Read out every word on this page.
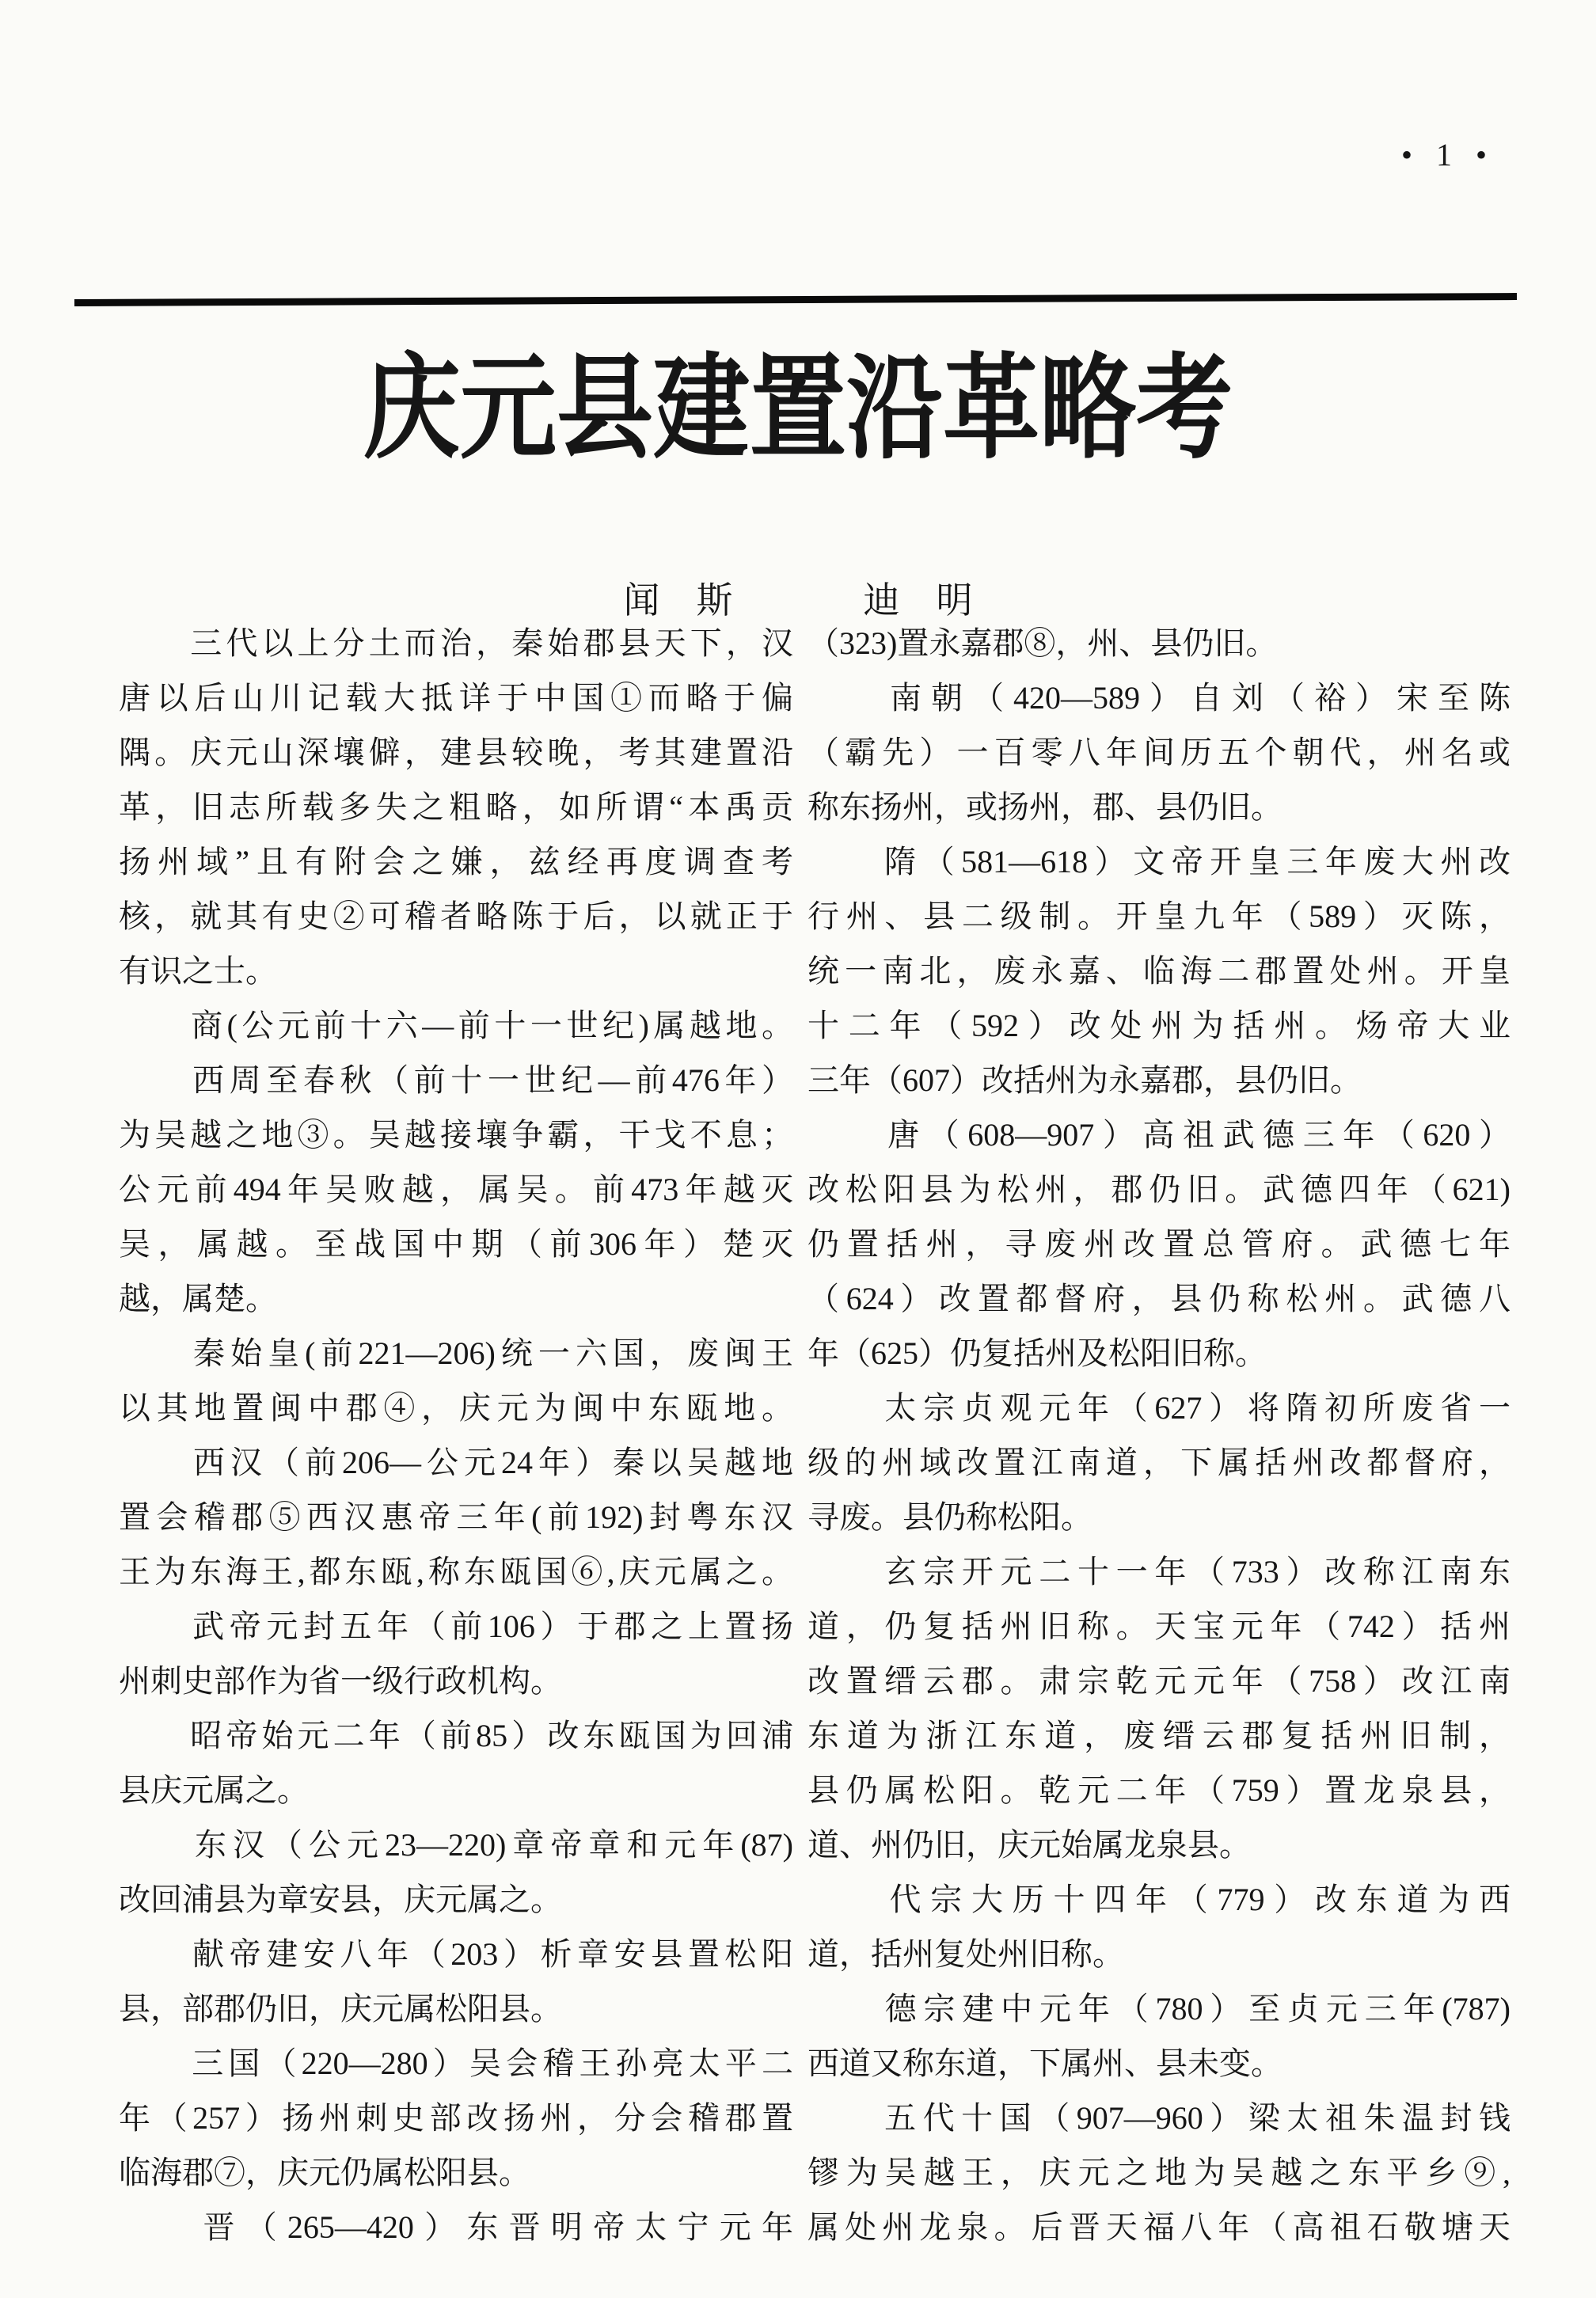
• 1 •
庆元县建置沿革略考
闻　斯	迪　明
　　三代以上分土而治，秦始郡县天下，汉
唐以后山川记载大抵详于中国①而略于偏
隅。庆元山深壤僻，建县较晚，考其建置沿
革，旧志所载多失之粗略，如所谓“本禹贡
扬州域”且有附会之嫌，兹经再度调查考
核，就其有史②可稽者略陈于后，以就正于
有识之士。
　　商(公元前十六—前十一世纪)属越地。
　　西周至春秋（前十一世纪—前476年）
为吴越之地③。吴越接壤争霸，干戈不息；
公元前494年吴败越，属吴。前473年越灭
吴，属越。至战国中期（前306年）楚灭
越，属楚。
　　秦始皇(前221—206)统一六国，废闽王
以其地置闽中郡④，庆元为闽中东瓯地。
　　西汉（前206—公元24年）秦以吴越地
置会稽郡⑤西汉惠帝三年(前192)封粤东汉
王为东海王,都东瓯,称东瓯国⑥,庆元属之。
　　武帝元封五年（前106）于郡之上置扬
州刺史部作为省一级行政机构。
　　昭帝始元二年（前85）改东瓯国为回浦
县庆元属之。
　　东汉（公元23—220)章帝章和元年(87)
改回浦县为章安县，庆元属之。
　　献帝建安八年（203）析章安县置松阳
县，部郡仍旧，庆元属松阳县。
　　三国（220—280）吴会稽王孙亮太平二
年（257）扬州刺史部改扬州，分会稽郡置
临海郡⑦，庆元仍属松阳县。
　　晋（265—420）东晋明帝太宁元年
（323)置永嘉郡⑧，州、县仍旧。
　　南朝（420—589）自刘（裕）宋至陈
（霸先）一百零八年间历五个朝代，州名或
称东扬州，或扬州，郡、县仍旧。
　　隋（581—618）文帝开皇三年废大州改
行州、县二级制。开皇九年（589）灭陈，
统一南北，废永嘉、临海二郡置处州。开皇
十二年（592）改处州为括州。炀帝大业
三年（607）改括州为永嘉郡，县仍旧。
　　唐（608—907）高祖武德三年（620）
改松阳县为松州，郡仍旧。武德四年（621)
仍置括州，寻废州改置总管府。武德七年
（624）改置都督府，县仍称松州。武德八
年（625）仍复括州及松阳旧称。
　　太宗贞观元年（627）将隋初所废省一
级的州域改置江南道，下属括州改都督府，
寻废。县仍称松阳。
　　玄宗开元二十一年（733）改称江南东
道，仍复括州旧称。天宝元年（742）括州
改置缙云郡。肃宗乾元元年（758）改江南
东道为浙江东道，废缙云郡复括州旧制，
县仍属松阳。乾元二年（759）置龙泉县，
道、州仍旧，庆元始属龙泉县。
　　代宗大历十四年（779）改东道为西
道，括州复处州旧称。
　　德宗建中元年（780）至贞元三年(787)
西道又称东道，下属州、县未变。
　　五代十国（907—960）梁太祖朱温封钱
镠为吴越王，庆元之地为吴越之东平乡⑨,
属处州龙泉。后晋天福八年（高祖石敬塘天
